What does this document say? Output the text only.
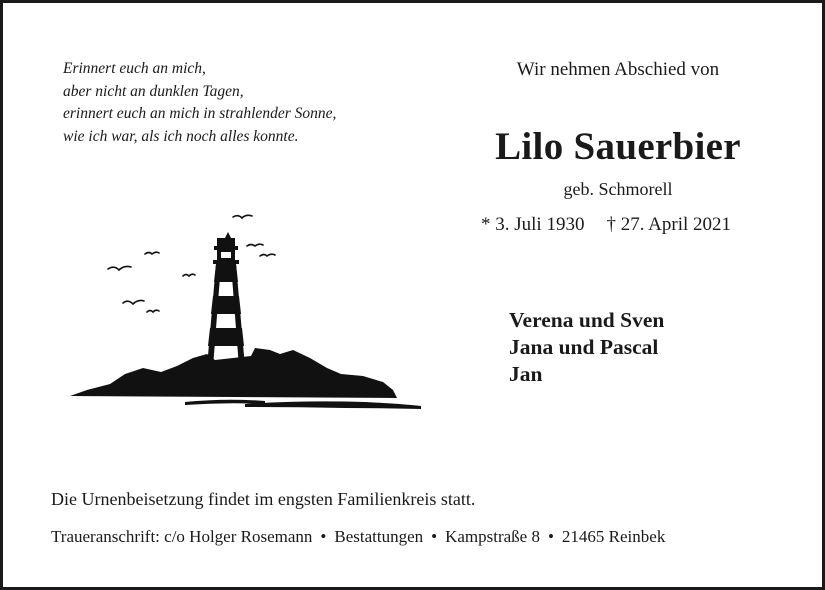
Erinnert euch an mich,
aber nicht an dunklen Tagen,
erinnert euch an mich in strahlender Sonne,
wie ich war, als ich noch alles konnte.
Wir nehmen Abschied von
Lilo Sauerbier
geb. Schmorell
* 3. Juli 1930 † 27. April 2021
Verena und Sven
Jana und Pascal
Jan
Die Urnenbeisetzung findet im engsten Familienkreis statt.
Traueranschrift: c/o Holger Rosemann • Bestattungen • Kampstraße 8 • 21465 Reinbek
